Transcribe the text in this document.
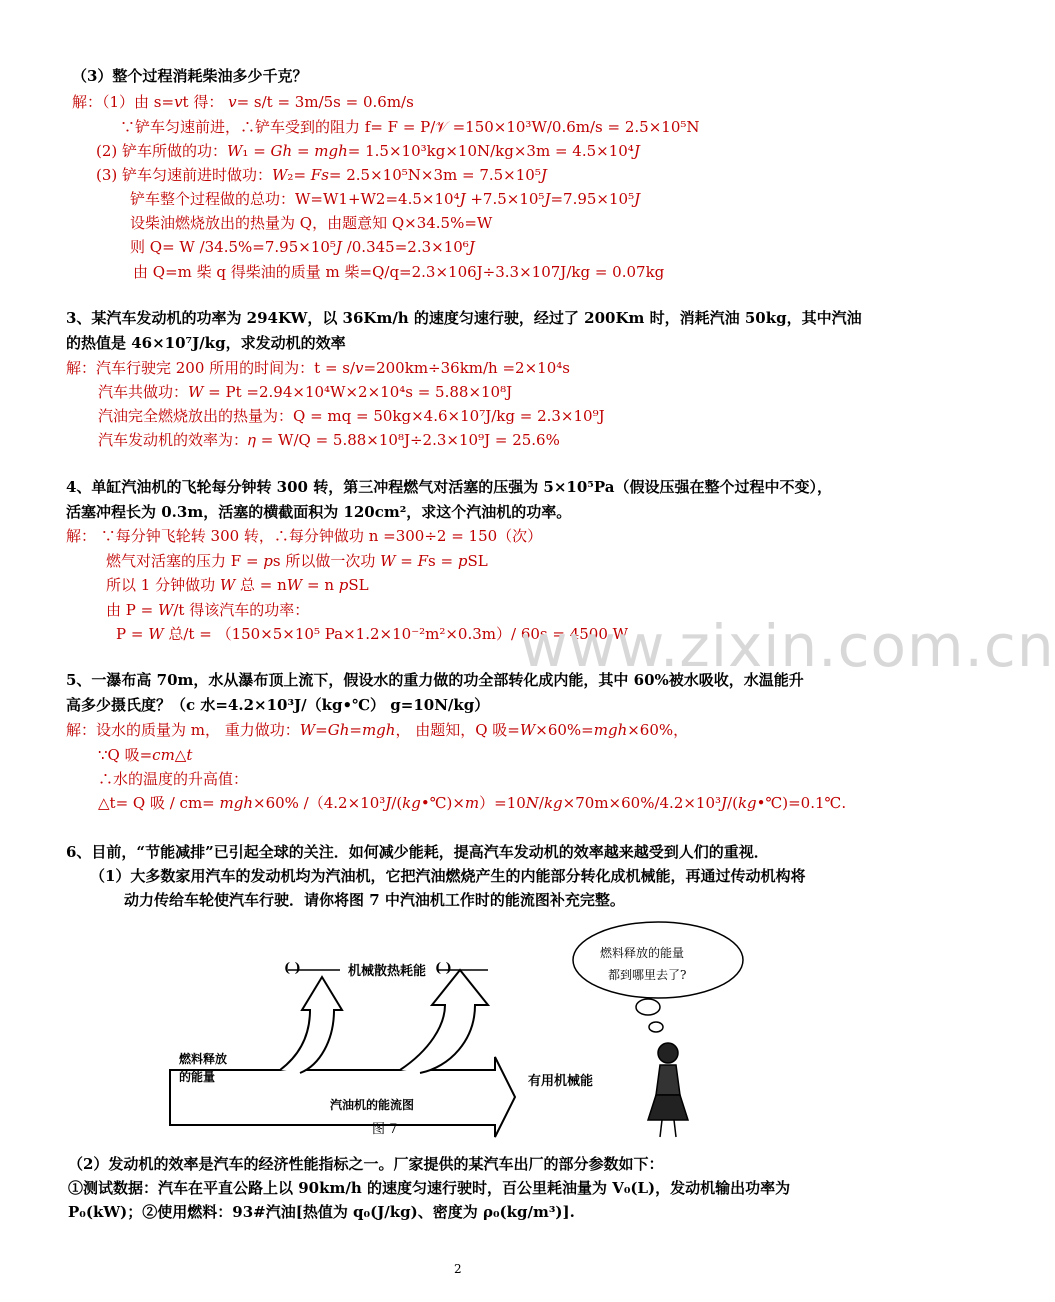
（3）整个过程消耗柴油多少千克？
解：（1）由 s=𝑣t 得： 𝑣= s/t = 3m/5s = 0.6m/s
∵铲车匀速前进，∴铲车受到的阻力 f= F = P/𝒱 =150×10³W/0.6m/s = 2.5×10⁵N
(2) 铲车所做的功：𝑊₁ = 𝐺ℎ = 𝑚𝑔ℎ= 1.5×10³kg×10N/kg×3m = 4.5×10⁴𝐽
(3) 铲车匀速前进时做功：𝑊₂= 𝐹𝑠= 2.5×10⁵N×3m = 7.5×10⁵𝐽
铲车整个过程做的总功：W=W1+W2=4.5×10⁴𝐽 +7.5×10⁵𝐽=7.95×10⁵𝐽
设柴油燃烧放出的热量为 Q，由题意知 Q×34.5%=W
则 Q= W /34.5%=7.95×10⁵𝐽 /0.345=2.3×10⁶𝐽
由 Q=m 柴 q 得柴油的质量 m 柴=Q/q=2.3×106J÷3.3×107J/kg = 0.07kg
3、某汽车发动机的功率为 294KW，以 36Km/h 的速度匀速行驶，经过了 200Km 时，消耗汽油 50kg，其中汽油
的热值是 46×10⁷J/kg，求发动机的效率
解：汽车行驶完 200 所用的时间为：t = s/𝑣=200km÷36km/h =2×10⁴s
汽车共做功：𝑊 = Pt =2.94×10⁴W×2×10⁴s = 5.88×10⁸J
汽油完全燃烧放出的热量为：Q = mq = 50kg×4.6×10⁷J/kg = 2.3×10⁹J
汽车发动机的效率为：𝜂 = W/Q = 5.88×10⁸J÷2.3×10⁹J = 25.6%
4、单缸汽油机的飞轮每分钟转 300 转，第三冲程燃气对活塞的压强为 5×10⁵Pa（假设压强在整个过程中不变），
活塞冲程长为 0.3m，活塞的横截面积为 120cm²，求这个汽油机的功率。
解： ∵每分钟飞轮转 300 转，∴每分钟做功 n =300÷2 = 150（次）
燃气对活塞的压力 F = 𝑝s 所以做一次功 𝑊 = 𝐹s = 𝑝SL
所以 1 分钟做功 𝑊 总 = n𝑊 = n 𝑝SL
由 P = 𝑊/t 得该汽车的功率：
P = 𝑊 总/t = （150×5×10⁵ Pa×1.2×10⁻²m²×0.3m）/ 60s = 4500 W
www.zixin.com.cn
5、一瀑布高 70m，水从瀑布顶上流下，假设水的重力做的功全部转化成内能，其中 60%被水吸收，水温能升
高多少摄氏度？（c 水=4.2×10³J/（kg•℃） g=10N/kg）
解：设水的质量为 m， 重力做功：𝑊=𝐺ℎ=𝑚𝑔ℎ， 由题知，Q 吸=𝑊×60%=𝑚𝑔ℎ×60%，
∵Q 吸=𝑐𝑚△𝑡
∴水的温度的升高值：
△t= Q 吸 / cm= 𝑚𝑔ℎ×60% /（4.2×10³𝐽/(𝑘𝑔•℃)×𝑚）=10𝑁/𝑘𝑔×70m×60%/4.2×10³𝐽/(𝑘𝑔•℃)=0.1℃.
6、目前，“节能减排”已引起全球的关注．如何减少能耗，提高汽车发动机的效率越来越受到人们的重视．
（1）大多数家用汽车的发动机均为汽油机，它把汽油燃烧产生的内能部分转化成机械能，再通过传动机构将
动力传给车轮使汽车行驶．请你将图 7 中汽油机工作时的能流图补充完整。
燃料释放
的能量
( )	机械散热耗能 ( )
有用机械能
汽油机的能流图
燃料释放的能量
都到哪里去了?
图 7
（2）发动机的效率是汽车的经济性能指标之一。厂家提供的某汽车出厂的部分参数如下：
①测试数据：汽车在平直公路上以 90km/h 的速度匀速行驶时，百公里耗油量为 V₀(L)，发动机输出功率为
P₀(kW)；②使用燃料：93#汽油[热值为 q₀(J/kg)、密度为 ρ₀(kg/m³)].
2
